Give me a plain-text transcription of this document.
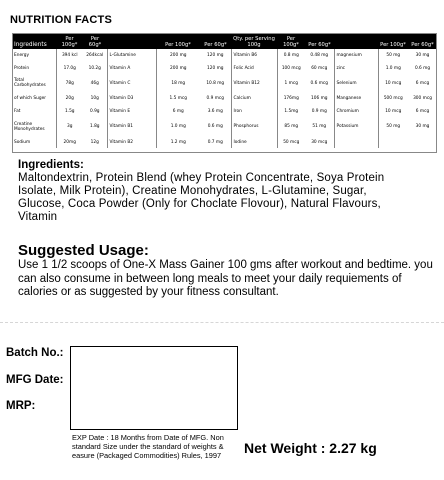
NUTRITION FACTS
Ingredients	Per 100g*	Per 60g*		Per 100g*	Per 60g*	Qty. per Serving 100g	Per 100g*	Per 60g*		Per 100g*	Per 60g*
Energy	394 kcl	264kcal	L-Glutamine	200 mg	120 mg	Vitamin B6	0.8 mg	0.48 mg	magnesium	50 mg	30 mg
Protein	17.0g	10.2g	Vitamin A	200 mg	120 mg	Folic Acid	100 mcg	60 mcg	zinc	1.0 mg	0.6 mg
Total Carbohydrates	78g	46g	Vitamin C	18 mg	10.8 mg	Vitamin B12	1 mcg	0.6 mcg	Selenium	10 mcg	6 mcg
of which Suger	20g	10g	Vitamin D3	1.5 mcg	0.9 mcg	Calcium	176mg	106 mg	Manganese	500 mcg	300 mcg
Fat	1.5g	0.9g	Vitamin E	6 mg	3.6 mg	Iron	1.5mg	0.9 mg	Chromium	10 mcg	6 mcg
Creatine Monohydrates	3g	1.8g	Vitamin B1	1.0 mg	0.6 mg	Phosphorus	85 mg	51 mg	Potassium	50 mg	30 mg
Sodium	20mg	12g	Vitamin B2	1.2 mg	0.7 mg	Iodine	50 mcg	30 mcg			
Ingredients:
Maltondextrin, Protein Blend (whey Protein Concentrate, Soya Protein Isolate, Milk Protein), Creatine Monohydrates, L-Glutamine, Sugar, Glucose, Coca Powder (Only for Choclate Flovour), Natural Flavours, Vitamin
Suggested Usage:
Use 1 1/2 scoops of One-X Mass Gainer 100 gms after workout and bedtime. you can also consume in between long meals to meet your daily requiements of calories or as suggested by your fitness consultant.
Batch No.:
MFG Date:
MRP:
EXP Date : 18 Months from Date of MFG. Non standard Size under the standard of weights & easure (Packaged Commodities) Rules, 1997	Net Weight : 2.27 kg
